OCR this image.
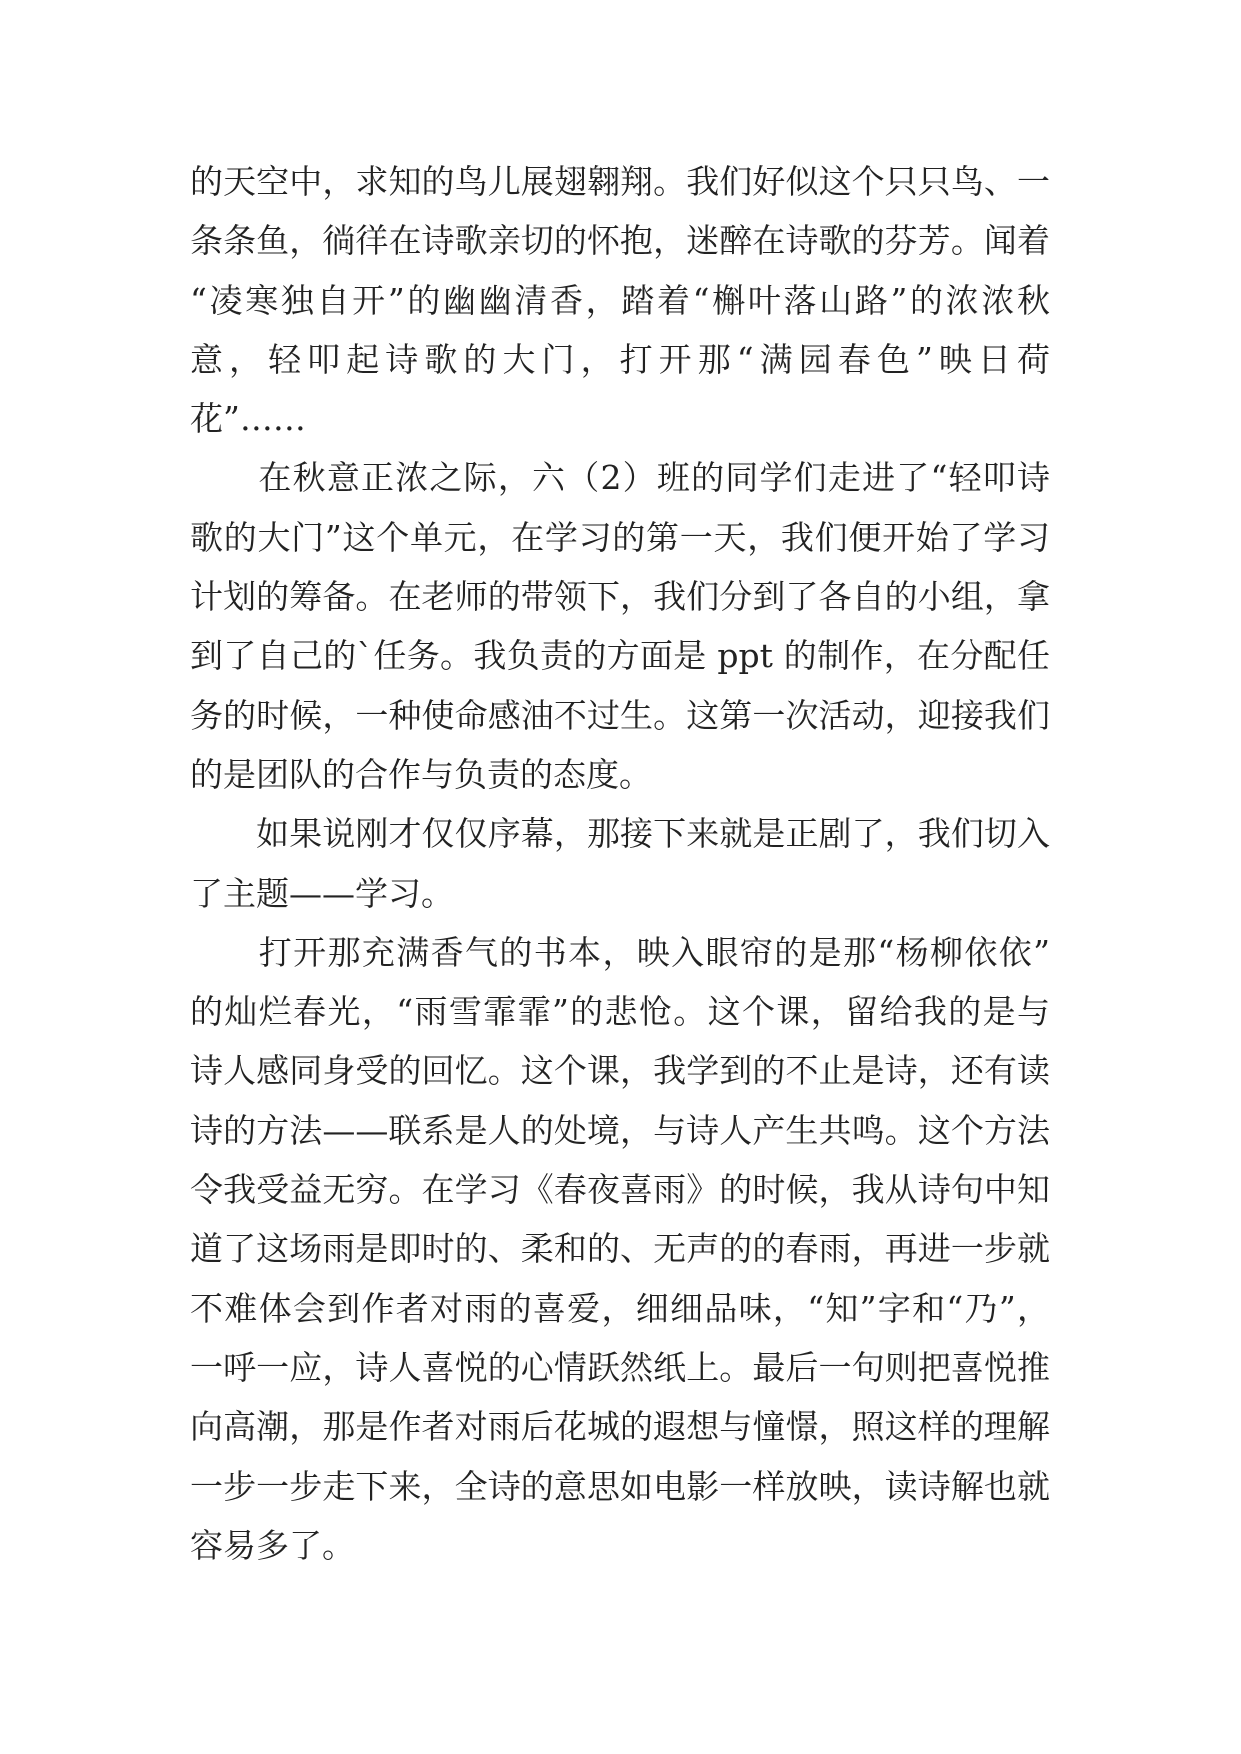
的天空中，求知的鸟儿展翅翱翔。我们好似这个只只鸟、一

条条鱼，徜徉在诗歌亲切的怀抱，迷醉在诗歌的芬芳。闻着

“凌寒独自开”的幽幽清香，踏着“槲叶落山路”的浓浓秋

意，轻叩起诗歌的大门，打开那“满园春色”映日荷

花”……

　　在秋意正浓之际，六（2）班的同学们走进了“轻叩诗

歌的大门”这个单元，在学习的第一天，我们便开始了学习

计划的筹备。在老师的带领下，我们分到了各自的小组，拿

到了自己的`任务。我负责的方面是 ppt 的制作，在分配任

务的时候，一种使命感油不过生。这第一次活动，迎接我们

的是团队的合作与负责的态度。

　　如果说刚才仅仅序幕，那接下来就是正剧了，我们切入

了主题——学习。

　　打开那充满香气的书本，映入眼帘的是那“杨柳依依”

的灿烂春光，“雨雪霏霏”的悲怆。这个课，留给我的是与

诗人感同身受的回忆。这个课，我学到的不止是诗，还有读

诗的方法——联系是人的处境，与诗人产生共鸣。这个方法

令我受益无穷。在学习《春夜喜雨》的时候，我从诗句中知

道了这场雨是即时的、柔和的、无声的的春雨，再进一步就

不难体会到作者对雨的喜爱，细细品味，“知”字和“乃”，

一呼一应，诗人喜悦的心情跃然纸上。最后一句则把喜悦推

向高潮，那是作者对雨后花城的遐想与憧憬，照这样的理解

一步一步走下来，全诗的意思如电影一样放映，读诗解也就

容易多了。
